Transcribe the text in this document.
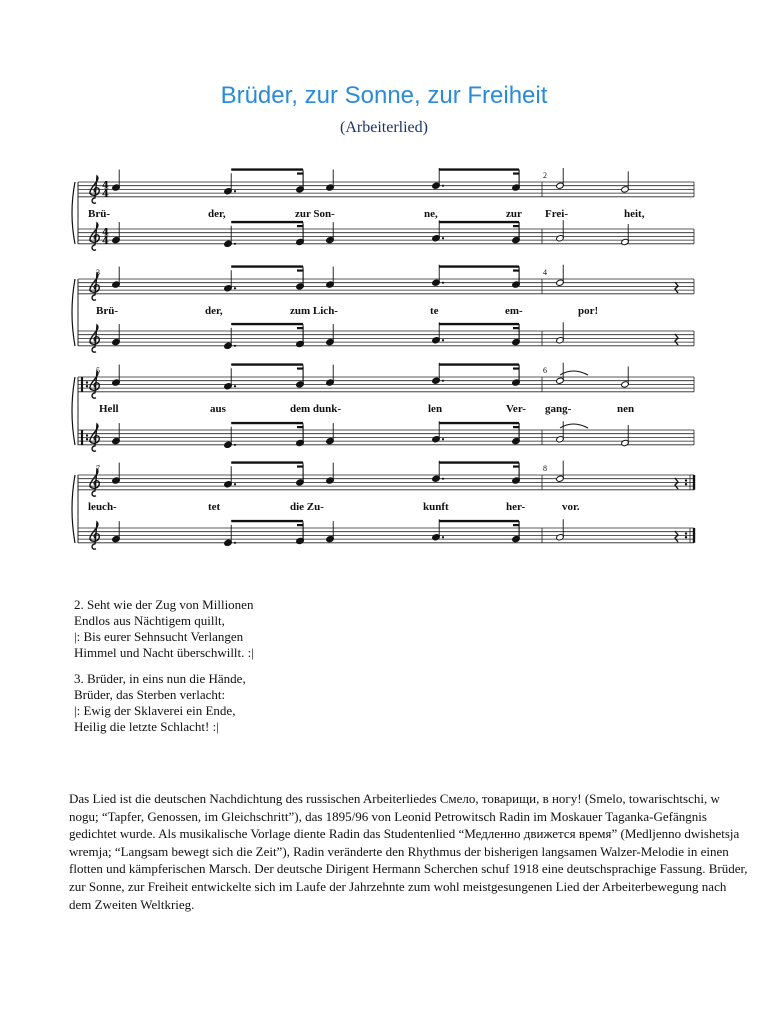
Brüder, zur Sonne, zur Freiheit
(Arbeiterlied)
4
4
4
4
2
3	4
5	6
7	8
Brü-	der,	zur Son-	ne,	zur Frei-	heit,
Brü-	der,	zum Lich-	te	em-	por!
Hell	aus	dem dunk-	len	Ver- gang-	nen
leuch-	tet	die Zu-	kunft	her-	vor.
2. Seht wie der Zug von Millionen
Endlos aus Nächtigem quillt,
|: Bis eurer Sehnsucht Verlangen
Himmel und Nacht überschwillt. :|
3. Brüder, in eins nun die Hände,
Brüder, das Sterben verlacht:
|: Ewig der Sklaverei ein Ende,
Heilig die letzte Schlacht! :|
Das Lied ist die deutschen Nachdichtung des russischen Arbeiterliedes Смело, товарищи, в ногу! (Smelo, towarischtschi, w nogu; “Tapfer, Genossen, im Gleichschritt”), das 1895/96 von Leonid Petrowitsch Radin im Moskauer Taganka-Gefängnis gedichtet wurde. Als musikalische Vorlage diente Radin das Studentenlied “Медленно движется время” (Medljenno dwishetsja wremja; “Langsam bewegt sich die Zeit”), Radin veränderte den Rhythmus der bisherigen langsamen Walzer-Melodie in einen flotten und kämpferischen Marsch. Der deutsche Dirigent Hermann Scherchen schuf 1918 eine deutschsprachige Fassung. Brüder, zur Sonne, zur Freiheit entwickelte sich im Laufe der Jahrzehnte zum wohl meistgesungenen Lied der Arbeiterbewegung nach dem Zweiten Weltkrieg.
